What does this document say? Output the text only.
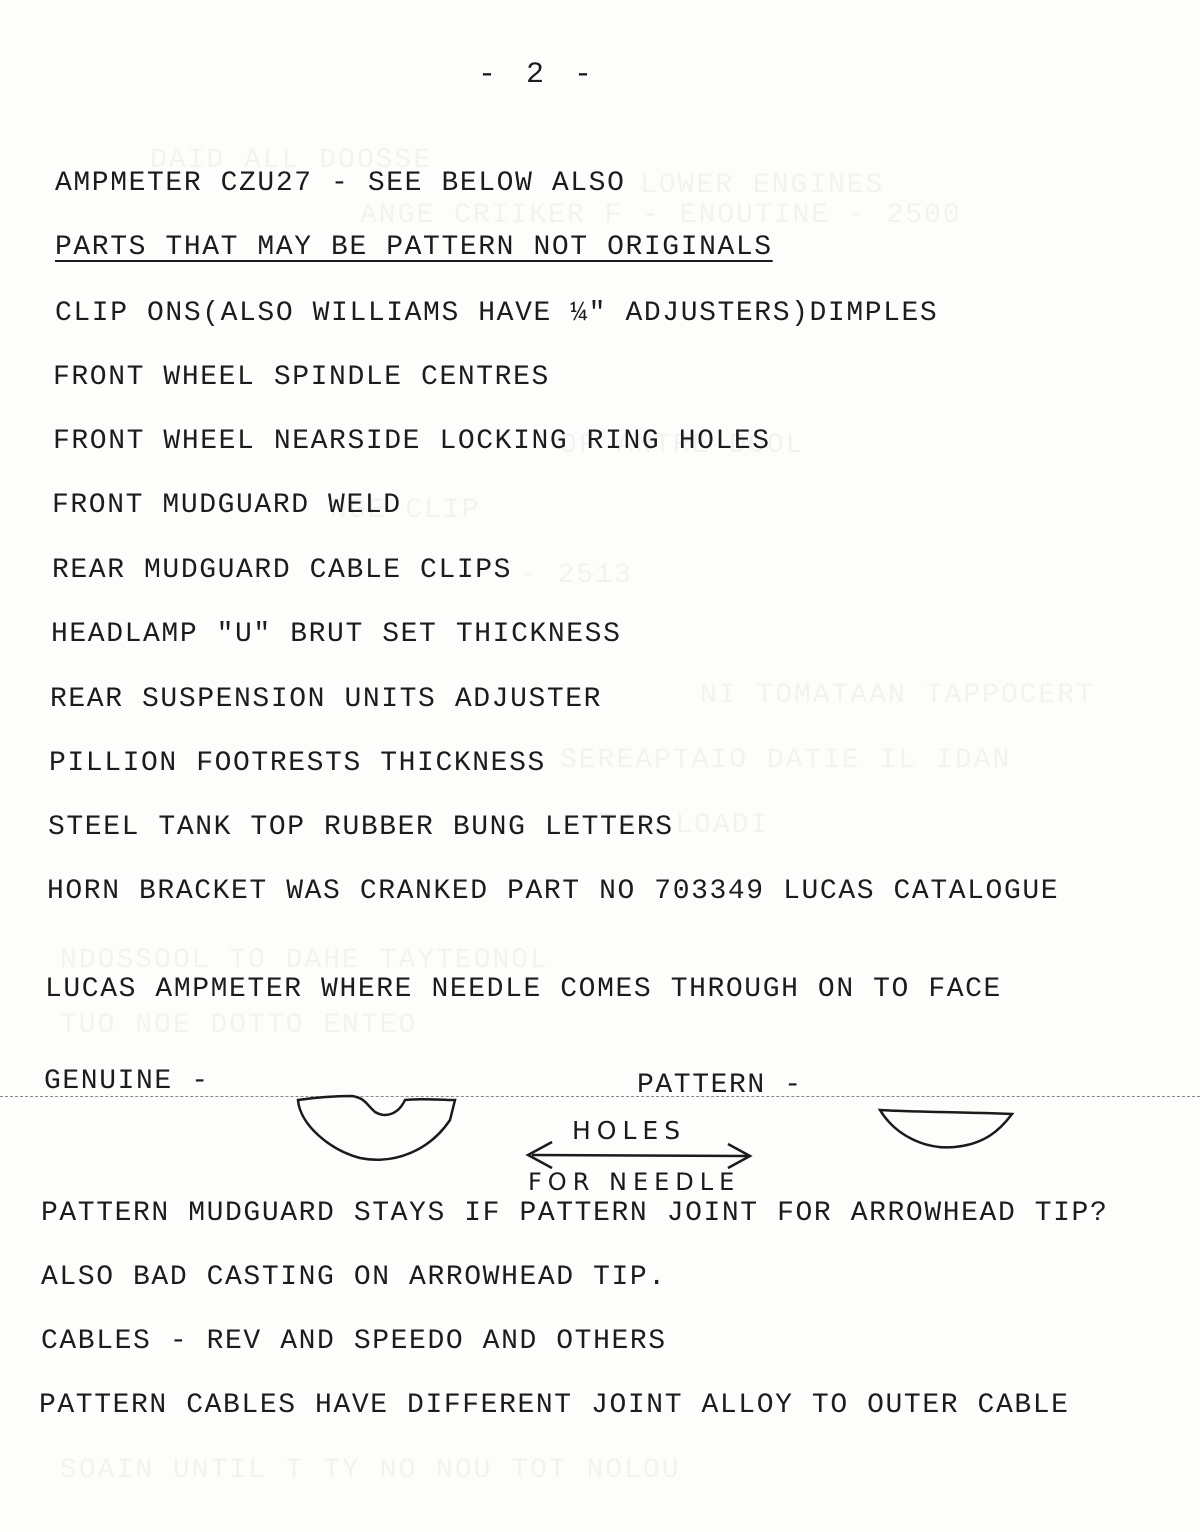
- 2 -
AMPMETER CZU27 - SEE BELOW ALSO
PARTS THAT MAY BE PATTERN NOT ORIGINALS
CLIP ONS(ALSO WILLIAMS HAVE ¼" ADJUSTERS)DIMPLES
FRONT WHEEL SPINDLE CENTRES
FRONT WHEEL NEARSIDE LOCKING RING HOLES
FRONT MUDGUARD WELD
REAR MUDGUARD CABLE CLIPS
HEADLAMP "U" BRUT SET THICKNESS
REAR SUSPENSION UNITS ADJUSTER
PILLION FOOTRESTS THICKNESS
STEEL TANK TOP RUBBER BUNG LETTERS
HORN BRACKET WAS CRANKED PART NO 703349 LUCAS CATALOGUE
LUCAS AMPMETER WHERE NEEDLE COMES THROUGH ON TO FACE
GENUINE -	PATTERN -
HOLES
FOR NEEDLE
PATTERN MUDGUARD STAYS IF PATTERN JOINT FOR ARROWHEAD TIP?
ALSO BAD CASTING ON ARROWHEAD TIP.
CABLES - REV AND SPEEDO AND OTHERS
PATTERN CABLES HAVE DIFFERENT JOINT ALLOY TO OUTER CABLE
